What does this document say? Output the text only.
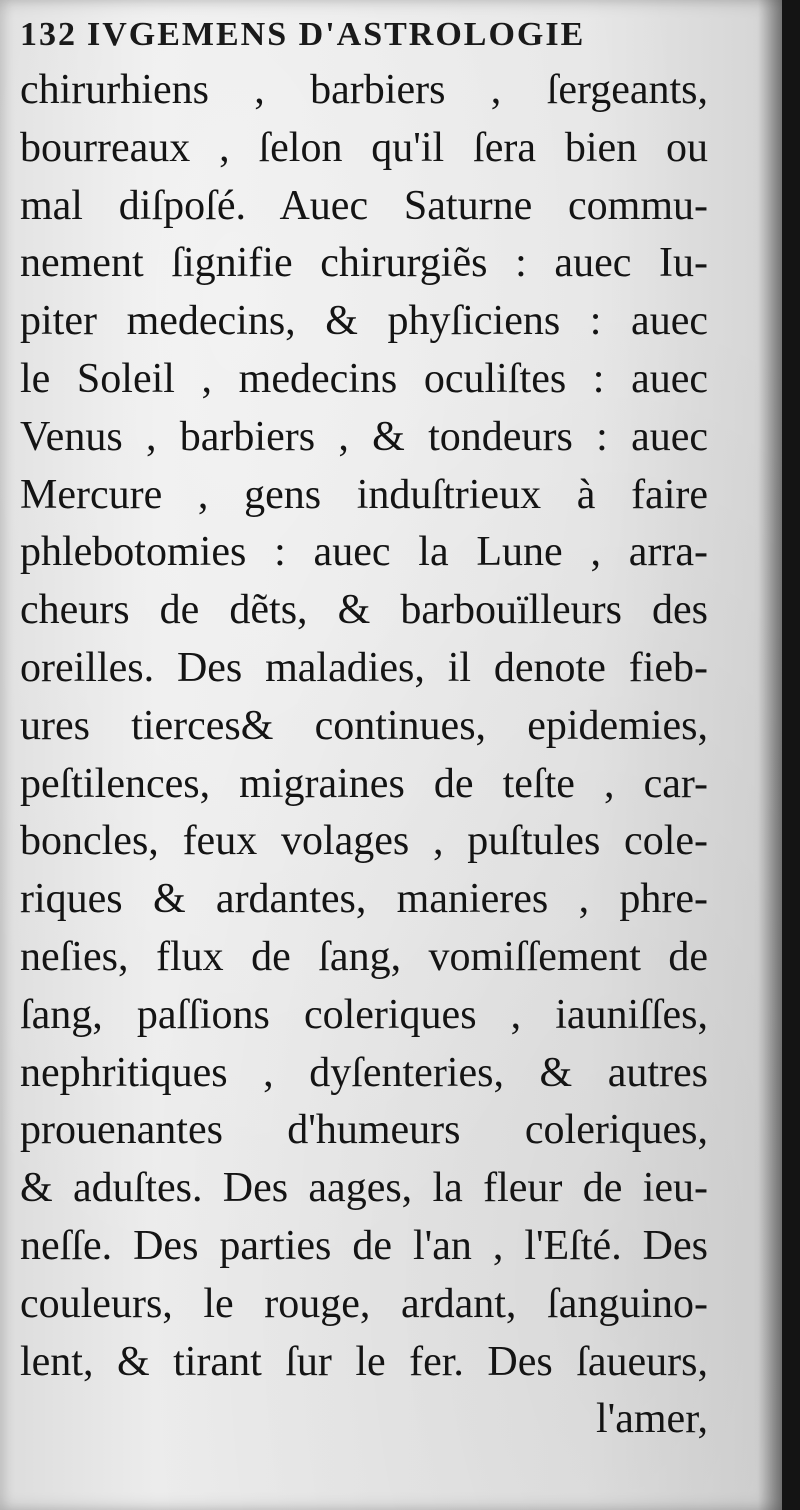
132 IVGEMENS D'ASTROLOGIE
chirurhiens , barbiers , ſergeants,
bourreaux , ſelon qu'il ſera bien ou
mal diſpoſé. Auec Saturne commu-
nement ſignifie chirurgiẽs : auec Iu-
piter medecins, & phyſiciens : auec
le Soleil , medecins oculiſtes : auec
Venus , barbiers , & tondeurs : auec
Mercure , gens induſtrieux à faire
phlebotomies : auec la Lune , arra-
cheurs de dẽts, & barbouïlleurs des
oreilles. Des maladies, il denote fieb-
ures tierces& continues, epidemies,
peſtilences, migraines de teſte , car-
boncles, feux volages , puſtules cole-
riques & ardantes, manieres , phre-
neſies, flux de ſang, vomiſſement de
ſang, paſſions coleriques , iauniſſes,
nephritiques , dyſenteries, & autres
prouenantes d'humeurs coleriques,
& aduſtes. Des aages, la fleur de ieu-
neſſe. Des parties de l'an , l'Eſté. Des
couleurs, le rouge, ardant, ſanguino-
lent, & tirant ſur le fer. Des ſaueurs,
l'amer,
